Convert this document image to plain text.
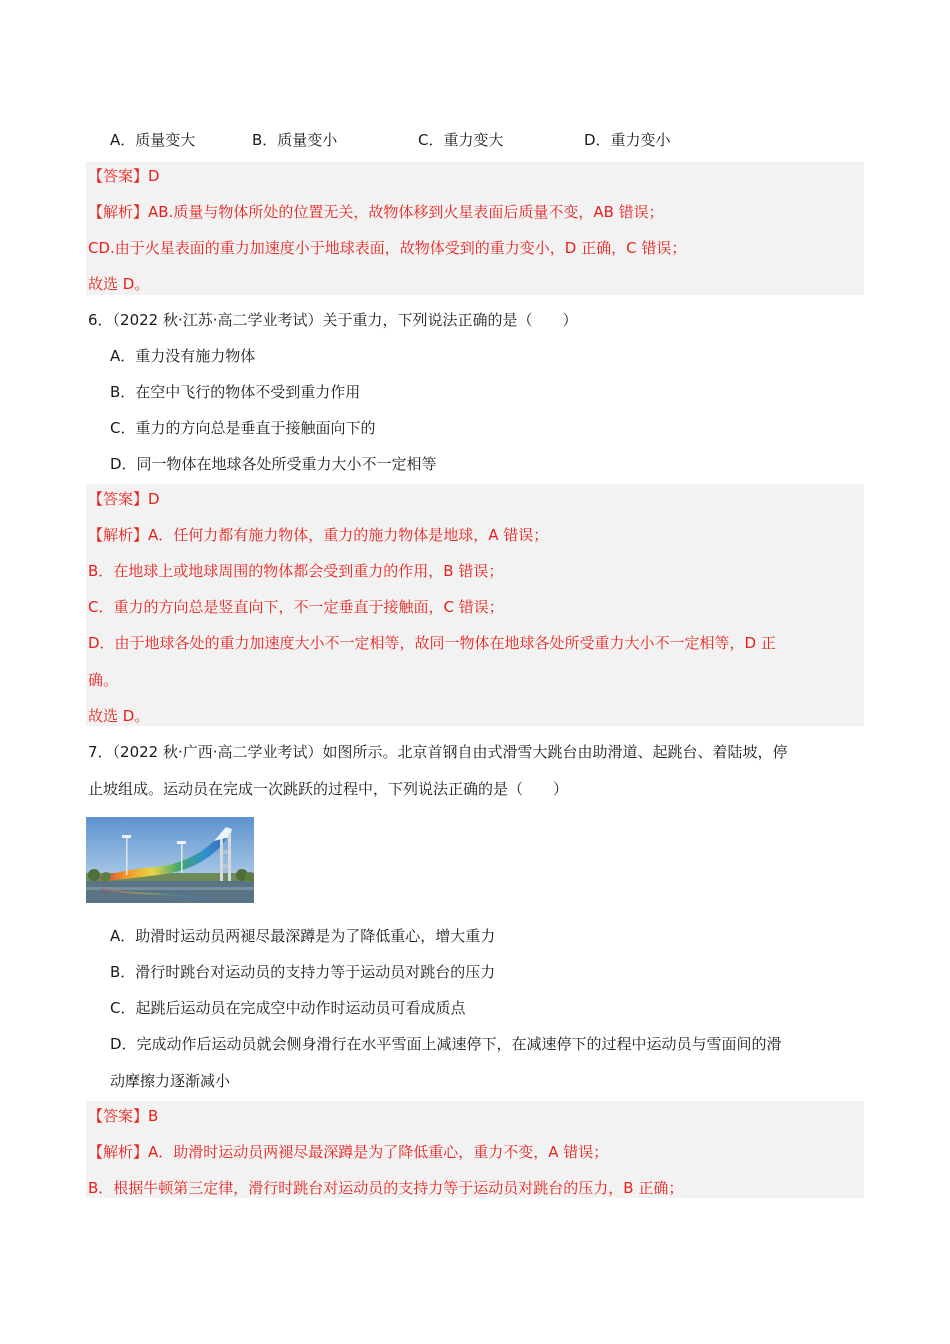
A．质量变大	B．质量变小	C．重力变大	D．重力变小
【答案】D
【解析】AB.质量与物体所处的位置无关，故物体移到火星表面后质量不变，AB 错误；
CD.由于火星表面的重力加速度小于地球表面，故物体受到的重力变小，D 正确，C 错误；
故选 D。
6．（2022 秋·江苏·高二学业考试）关于重力，下列说法正确的是（　　）
A．重力没有施力物体
B．在空中飞行的物体不受到重力作用
C．重力的方向总是垂直于接触面向下的
D．同一物体在地球各处所受重力大小不一定相等
【答案】D
【解析】A．任何力都有施力物体，重力的施力物体是地球，A 错误；
B．在地球上或地球周围的物体都会受到重力的作用，B 错误；
C．重力的方向总是竖直向下，不一定垂直于接触面，C 错误；
D．由于地球各处的重力加速度大小不一定相等，故同一物体在地球各处所受重力大小不一定相等，D 正
确。
故选 D。
7．（2022 秋·广西·高二学业考试）如图所示。北京首钢自由式滑雪大跳台由助滑道、起跳台、着陆坡，停
止坡组成。运动员在完成一次跳跃的过程中，下列说法正确的是（　　）
A．助滑时运动员两褪尽最深蹲是为了降低重心，增大重力
B．滑行时跳台对运动员的支持力等于运动员对跳台的压力
C．起跳后运动员在完成空中动作时运动员可看成质点
D．完成动作后运动员就会侧身滑行在水平雪面上减速停下，在减速停下的过程中运动员与雪面间的滑
动摩擦力逐渐减小
【答案】B
【解析】A．助滑时运动员两褪尽最深蹲是为了降低重心，重力不变，A 错误；
B．根据牛顿第三定律，滑行时跳台对运动员的支持力等于运动员对跳台的压力，B 正确；
